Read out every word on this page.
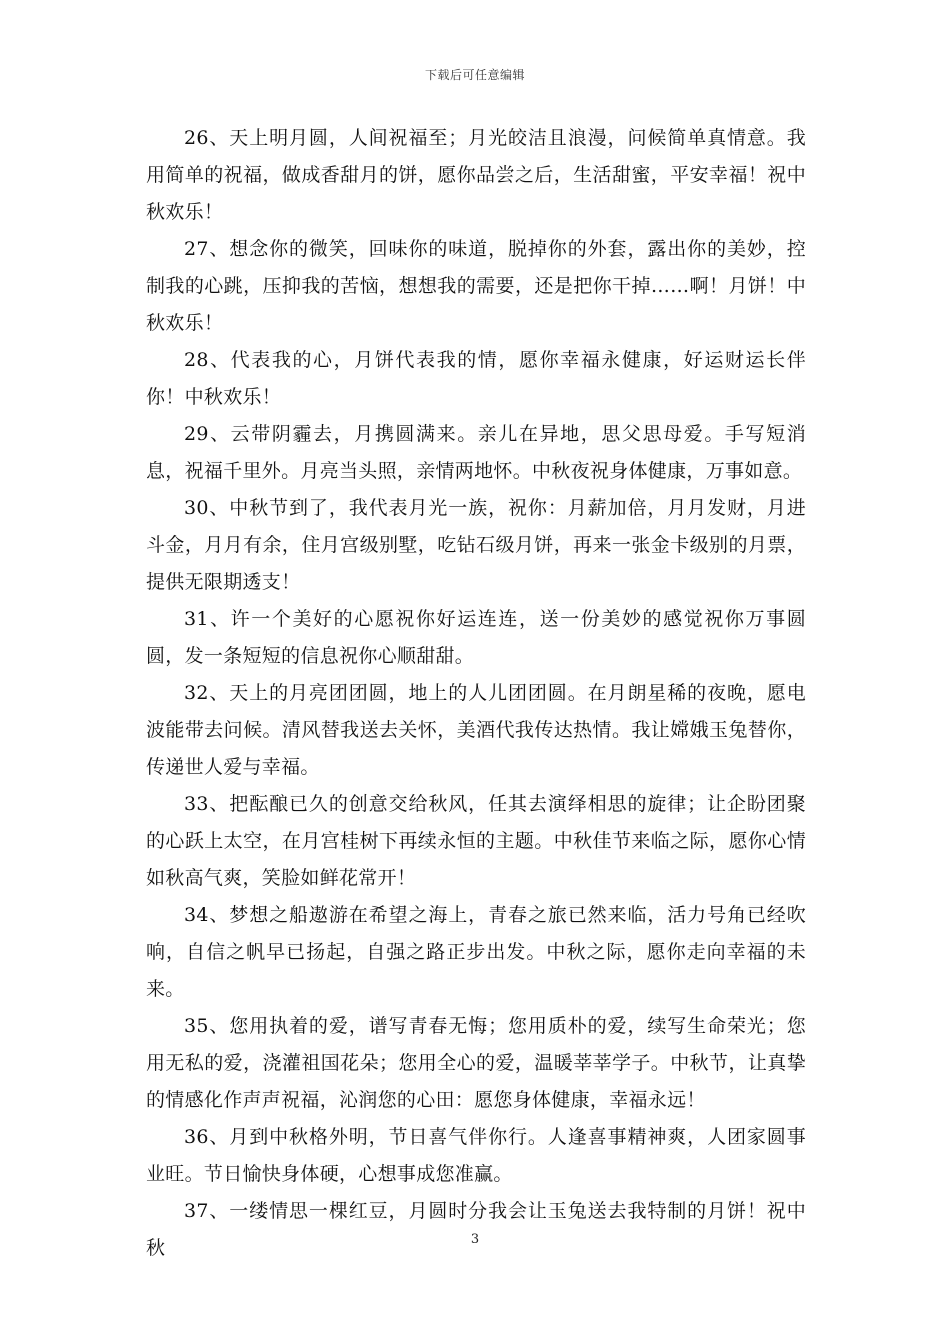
下载后可任意编辑

26、天上明月圆，人间祝福至；月光皎洁且浪漫，问候简单真情意。我用简单的祝福，做成香甜月的饼，愿你品尝之后，生活甜蜜，平安幸福！祝中秋欢乐！

27、想念你的微笑，回味你的味道，脱掉你的外套，露出你的美妙，控制我的心跳，压抑我的苦恼，想想我的需要，还是把你干掉……啊！月饼！中秋欢乐！

28、代表我的心，月饼代表我的情，愿你幸福永健康，好运财运长伴你！中秋欢乐！

29、云带阴霾去，月携圆满来。亲儿在异地，思父思母爱。手写短消息，祝福千里外。月亮当头照，亲情两地怀。中秋夜祝身体健康，万事如意。

30、中秋节到了，我代表月光一族，祝你：月薪加倍，月月发财，月进斗金，月月有余，住月宫级别墅，吃钻石级月饼，再来一张金卡级别的月票，提供无限期透支！

31、许一个美好的心愿祝你好运连连，送一份美妙的感觉祝你万事圆圆，发一条短短的信息祝你心顺甜甜。

32、天上的月亮团团圆，地上的人儿团团圆。在月朗星稀的夜晚，愿电波能带去问候。清风替我送去关怀，美酒代我传达热情。我让嫦娥玉兔替你，传递世人爱与幸福。

33、把酝酿已久的创意交给秋风，任其去演绎相思的旋律；让企盼团聚的心跃上太空，在月宫桂树下再续永恒的主题。中秋佳节来临之际，愿你心情如秋高气爽，笑脸如鲜花常开！

34、梦想之船遨游在希望之海上，青春之旅已然来临，活力号角已经吹响，自信之帆早已扬起，自强之路正步出发。中秋之际，愿你走向幸福的未来。

35、您用执着的爱，谱写青春无悔；您用质朴的爱，续写生命荣光；您用无私的爱，浇灌祖国花朵；您用全心的爱，温暖莘莘学子。中秋节，让真挚的情感化作声声祝福，沁润您的心田：愿您身体健康，幸福永远！

36、月到中秋格外明，节日喜气伴你行。人逢喜事精神爽，人团家圆事业旺。节日愉快身体硬，心想事成您准赢。

37、一缕情思一棵红豆，月圆时分我会让玉兔送去我特制的月饼！祝中秋	3
